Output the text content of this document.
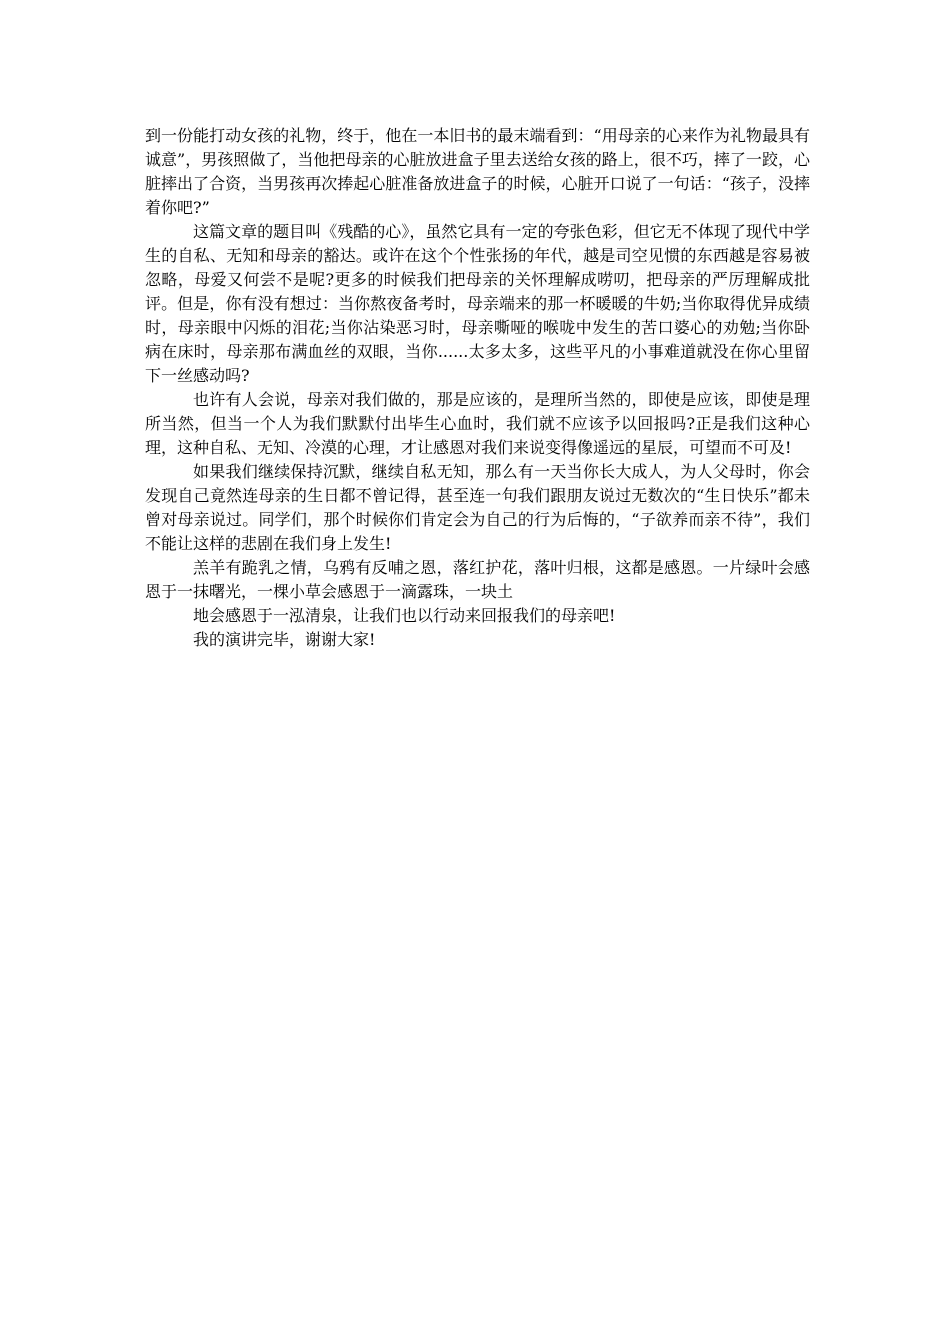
到一份能打动女孩的礼物，终于，他在一本旧书的最末端看到：“用母亲的心来作为礼物最具有诚意”，男孩照做了，当他把母亲的心脏放进盒子里去送给女孩的路上，很不巧，摔了一跤，心脏摔出了合资，当男孩再次捧起心脏准备放进盒子的时候，心脏开口说了一句话：“孩子，没摔着你吧?”

这篇文章的题目叫《残酷的心》，虽然它具有一定的夸张色彩，但它无不体现了现代中学生的自私、无知和母亲的豁达。或许在这个个性张扬的年代，越是司空见惯的东西越是容易被忽略，母爱又何尝不是呢?更多的时候我们把母亲的关怀理解成唠叨，把母亲的严厉理解成批评。但是，你有没有想过：当你熬夜备考时，母亲端来的那一杯暖暖的牛奶;当你取得优异成绩时，母亲眼中闪烁的泪花;当你沾染恶习时，母亲嘶哑的喉咙中发生的苦口婆心的劝勉;当你卧病在床时，母亲那布满血丝的双眼，当你......太多太多，这些平凡的小事难道就没在你心里留下一丝感动吗?

也许有人会说，母亲对我们做的，那是应该的，是理所当然的，即使是应该，即使是理所当然，但当一个人为我们默默付出毕生心血时，我们就不应该予以回报吗?正是我们这种心理，这种自私、无知、冷漠的心理，才让感恩对我们来说变得像遥远的星辰，可望而不可及!

如果我们继续保持沉默，继续自私无知，那么有一天当你长大成人，为人父母时，你会发现自己竟然连母亲的生日都不曾记得，甚至连一句我们跟朋友说过无数次的“生日快乐”都未曾对母亲说过。同学们，那个时候你们肯定会为自己的行为后悔的，“子欲养而亲不待”，我们不能让这样的悲剧在我们身上发生!

羔羊有跪乳之情，乌鸦有反哺之恩，落红护花，落叶归根，这都是感恩。一片绿叶会感恩于一抹曙光，一棵小草会感恩于一滴露珠，一块土

地会感恩于一泓清泉，让我们也以行动来回报我们的母亲吧!

我的演讲完毕，谢谢大家!
